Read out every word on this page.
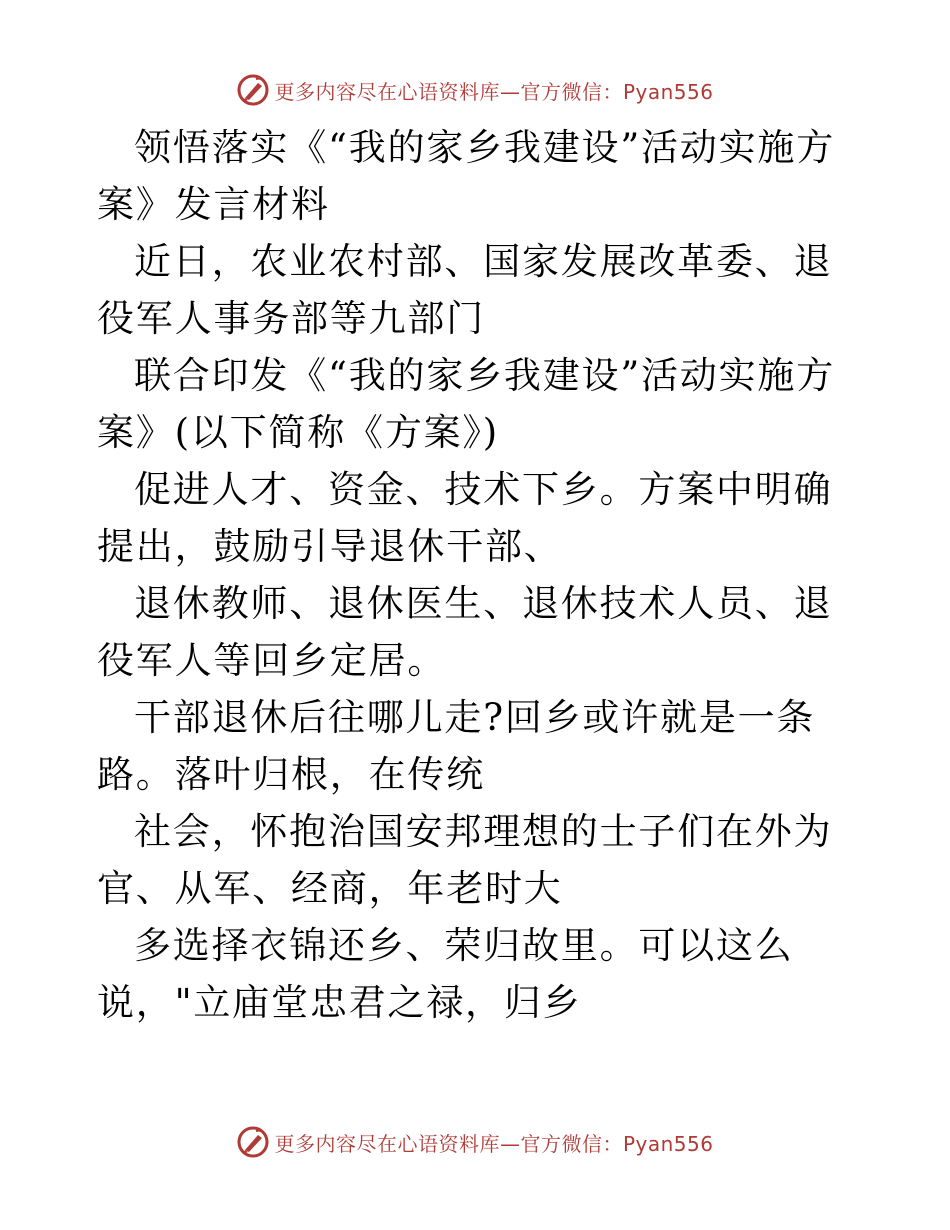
更多内容尽在心语资料库—官方微信：Pyan556

领悟落实《“我的家乡我建设”活动实施方案》发言材料

近日，农业农村部、国家发展改革委、退役军人事务部等九部门

联合印发《“我的家乡我建设”活动实施方案》(以下简称《方案》)

促进人才、资金、技术下乡。方案中明确提出，鼓励引导退休干部、

退休教师、退休医生、退休技术人员、退役军人等回乡定居。

干部退休后往哪儿走?回乡或许就是一条路。落叶归根，在传统

社会，怀抱治国安邦理想的士子们在外为官、从军、经商，年老时大

多选择衣锦还乡、荣归故里。可以这么说，"立庙堂忠君之禄，归乡

更多内容尽在心语资料库—官方微信：Pyan556
